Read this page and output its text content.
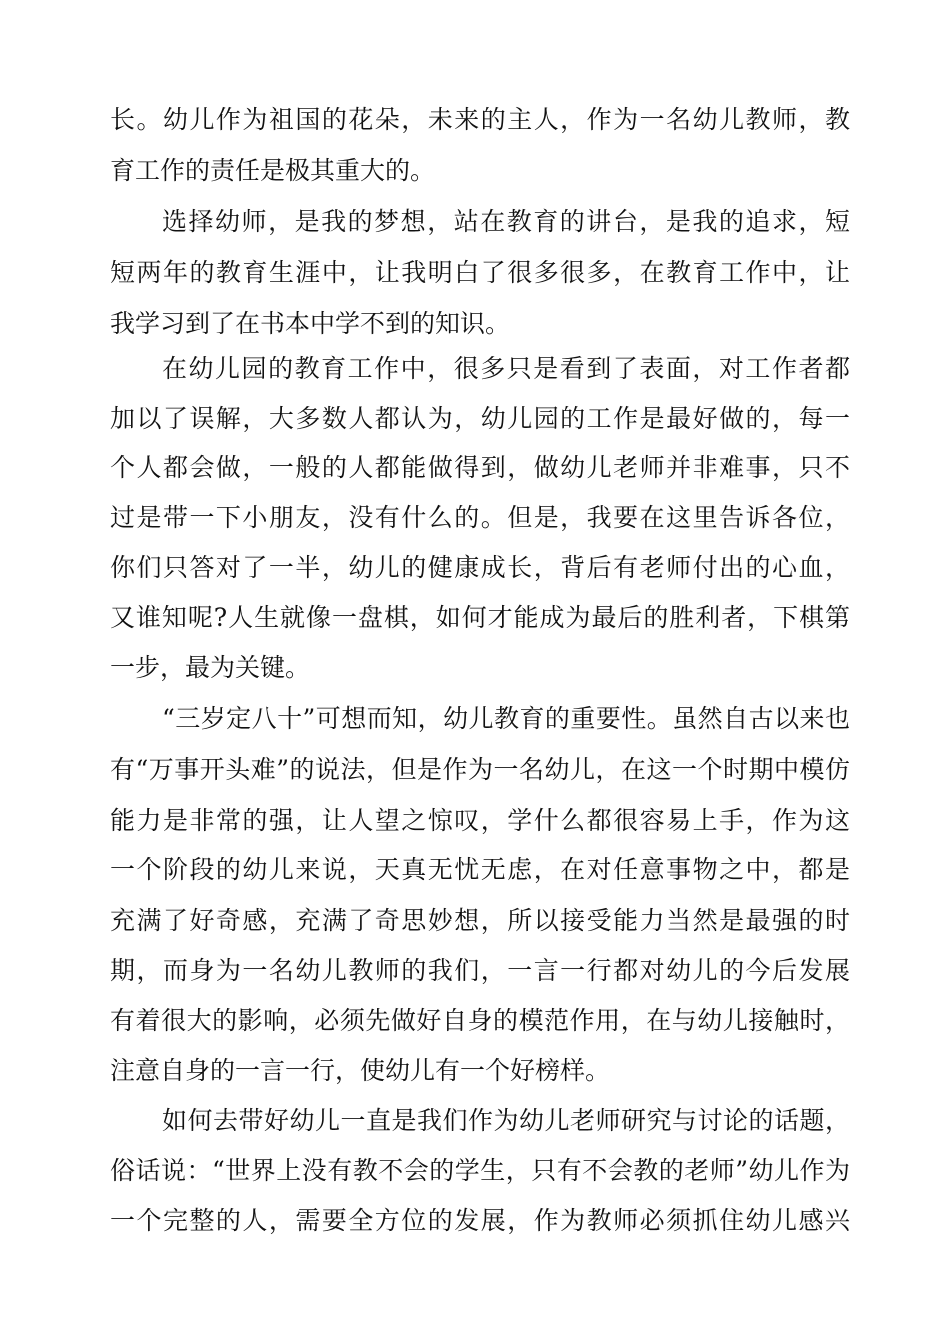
长。幼儿作为祖国的花朵，未来的主人，作为一名幼儿教师，教
育工作的责任是极其重大的。
选择幼师，是我的梦想，站在教育的讲台，是我的追求，短
短两年的教育生涯中，让我明白了很多很多，在教育工作中，让
我学习到了在书本中学不到的知识。
在幼儿园的教育工作中，很多只是看到了表面，对工作者都
加以了误解，大多数人都认为，幼儿园的工作是最好做的，每一
个人都会做，一般的人都能做得到，做幼儿老师并非难事，只不
过是带一下小朋友，没有什么的。但是，我要在这里告诉各位，
你们只答对了一半，幼儿的健康成长，背后有老师付出的心血，
又谁知呢?人生就像一盘棋，如何才能成为最后的胜利者，下棋第
一步，最为关键。
“三岁定八十”可想而知，幼儿教育的重要性。虽然自古以来也
有“万事开头难”的说法，但是作为一名幼儿，在这一个时期中模仿
能力是非常的强，让人望之惊叹，学什么都很容易上手，作为这
一个阶段的幼儿来说，天真无忧无虑，在对任意事物之中，都是
充满了好奇感，充满了奇思妙想，所以接受能力当然是最强的时
期，而身为一名幼儿教师的我们，一言一行都对幼儿的今后发展
有着很大的影响，必须先做好自身的模范作用，在与幼儿接触时，
注意自身的一言一行，使幼儿有一个好榜样。
如何去带好幼儿一直是我们作为幼儿老师研究与讨论的话题，
俗话说：“世界上没有教不会的学生，只有不会教的老师”幼儿作为
一个完整的人，需要全方位的发展，作为教师必须抓住幼儿感兴
